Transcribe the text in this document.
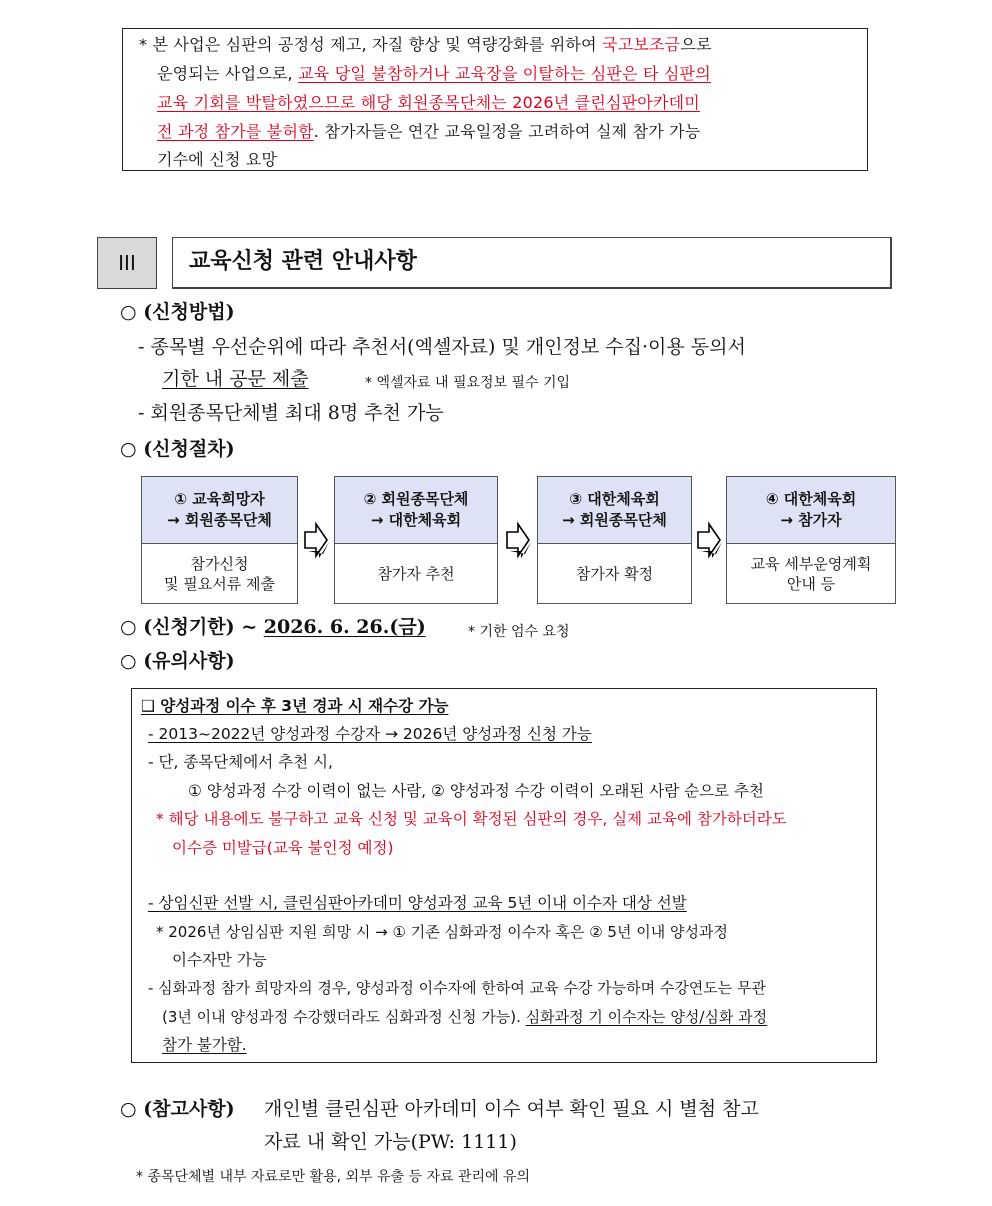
* 본 사업은 심판의 공정성 제고, 자질 향상 및 역량강화를 위하여 국고보조금으로
운영되는 사업으로, 교육 당일 불참하거나 교육장을 이탈하는 심판은 타 심판의
교육 기회를 박탈하였으므로 해당 회원종목단체는 2026년 클린심판아카데미
전 과정 참가를 불허함. 참가자들은 연간 교육일정을 고려하여 실제 참가 가능
기수에 신청 요망
III	교육신청 관련 안내사항
○ (신청방법)
- 종목별 우선순위에 따라 추천서(엑셀자료) 및 개인정보 수집·이용 동의서
기한 내 공문 제출	* 엑셀자료 내 필요정보 필수 기입
- 회원종목단체별 최대 8명 추천 가능
○ (신청절차)
① 교육희망자
→ 회원종목단체
참가신청
및 필요서류 제출
② 회원종목단체
→ 대한체육회
참가자 추천
③ 대한체육회
→ 회원종목단체
참가자 확정
④ 대한체육회
→ 참가자
교육 세부운영계획
안내 등
○ (신청기한) ~ 2026. 6. 26.(금)	* 기한 엄수 요청
○ (유의사항)
❑ 양성과정 이수 후 3년 경과 시 재수강 가능
- 2013~2022년 양성과정 수강자 → 2026년 양성과정 신청 가능
- 단, 종목단체에서 추천 시,
① 양성과정 수강 이력이 없는 사람, ② 양성과정 수강 이력이 오래된 사람 순으로 추천
* 해당 내용에도 불구하고 교육 신청 및 교육이 확정된 심판의 경우, 실제 교육에 참가하더라도
이수증 미발급(교육 불인정 예정)
- 상임신판 선발 시, 클린심판아카데미 양성과정 교육 5년 이내 이수자 대상 선발
* 2026년 상임심판 지원 희망 시 → ① 기존 심화과정 이수자 혹은 ② 5년 이내 양성과정
이수자만 가능
- 심화과정 참가 희망자의 경우, 양성과정 이수자에 한하여 교육 수강 가능하며 수강연도는 무관
(3년 이내 양성과정 수강했더라도 심화과정 신청 가능). 심화과정 기 이수자는 양성/심화 과정
참가 불가함.
○ (참고사항) 개인별 클린심판 아카데미 이수 여부 확인 필요 시 별첨 참고
자료 내 확인 가능(PW: 1111)
* 종목단체별 내부 자료로만 활용, 외부 유출 등 자료 관리에 유의
